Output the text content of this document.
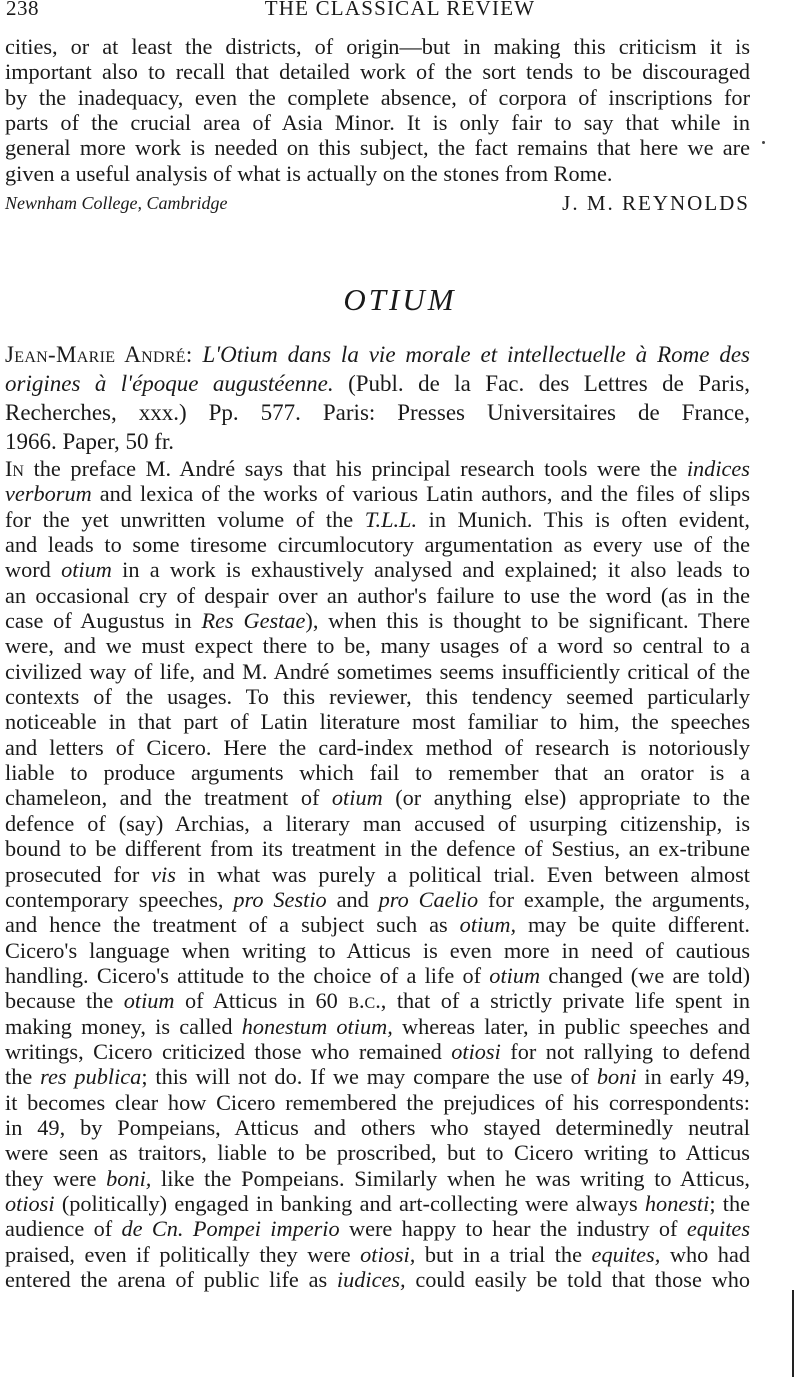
238	THE CLASSICAL REVIEW
cities, or at least the districts, of origin—but in making this criticism it is
important also to recall that detailed work of the sort tends to be discouraged
by the inadequacy, even the complete absence, of corpora of inscriptions for
parts of the crucial area of Asia Minor. It is only fair to say that while in
general more work is needed on this subject, the fact remains that here we are
given a useful analysis of what is actually on the stones from Rome.
Newnham College, Cambridge	J. M. REYNOLDS
OTIUM
Jean-Marie André: L'Otium dans la vie morale et intellectuelle à Rome des
origines à l'époque augustéenne. (Publ. de la Fac. des Lettres de Paris,
Recherches, xxx.) Pp. 577. Paris: Presses Universitaires de France,
1966. Paper, 50 fr.
In the preface M. André says that his principal research tools were the indices
verborum and lexica of the works of various Latin authors, and the files of slips
for the yet unwritten volume of the T.L.L. in Munich. This is often evident,
and leads to some tiresome circumlocutory argumentation as every use of the
word otium in a work is exhaustively analysed and explained; it also leads to
an occasional cry of despair over an author's failure to use the word (as in the
case of Augustus in Res Gestae), when this is thought to be significant. There
were, and we must expect there to be, many usages of a word so central to a
civilized way of life, and M. André sometimes seems insufficiently critical of the
contexts of the usages. To this reviewer, this tendency seemed particularly
noticeable in that part of Latin literature most familiar to him, the speeches
and letters of Cicero. Here the card-index method of research is notoriously
liable to produce arguments which fail to remember that an orator is a
chameleon, and the treatment of otium (or anything else) appropriate to the
defence of (say) Archias, a literary man accused of usurping citizenship, is
bound to be different from its treatment in the defence of Sestius, an ex-tribune
prosecuted for vis in what was purely a political trial. Even between almost
contemporary speeches, pro Sestio and pro Caelio for example, the arguments,
and hence the treatment of a subject such as otium, may be quite different.
Cicero's language when writing to Atticus is even more in need of cautious
handling. Cicero's attitude to the choice of a life of otium changed (we are told)
because the otium of Atticus in 60 b.c., that of a strictly private life spent in
making money, is called honestum otium, whereas later, in public speeches and
writings, Cicero criticized those who remained otiosi for not rallying to defend
the res publica; this will not do. If we may compare the use of boni in early 49,
it becomes clear how Cicero remembered the prejudices of his correspondents:
in 49, by Pompeians, Atticus and others who stayed determinedly neutral
were seen as traitors, liable to be proscribed, but to Cicero writing to Atticus
they were boni, like the Pompeians. Similarly when he was writing to Atticus,
otiosi (politically) engaged in banking and art-collecting were always honesti; the
audience of de Cn. Pompei imperio were happy to hear the industry of equites
praised, even if politically they were otiosi, but in a trial the equites, who had
entered the arena of public life as iudices, could easily be told that those who
